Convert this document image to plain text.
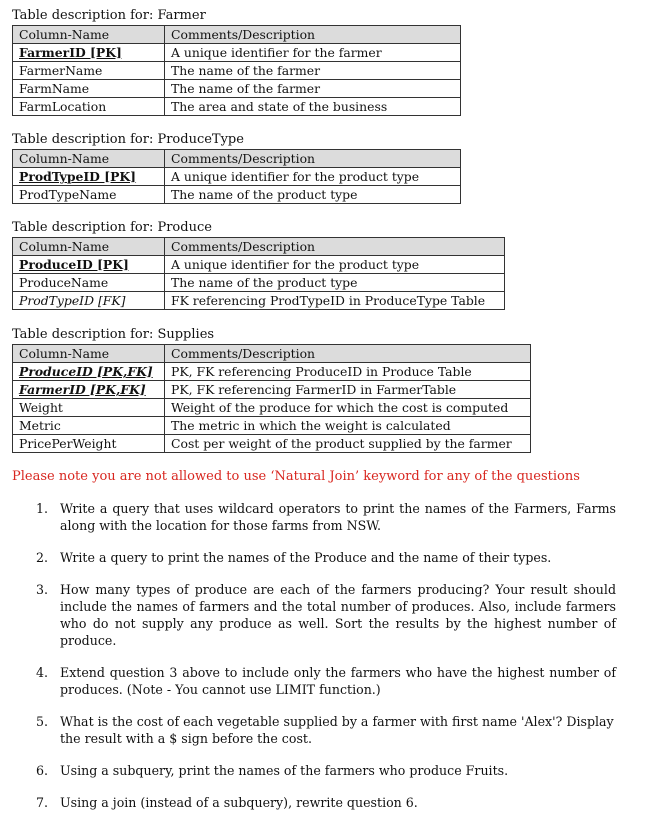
Table description for: Farmer
Column-Name	Comments/Description
FarmerID [PK]	A unique identifier for the farmer
FarmerName	The name of the farmer
FarmName	The name of the farmer
FarmLocation	The area and state of the business
Table description for: ProduceType
Column-Name	Comments/Description
ProdTypeID [PK]	A unique identifier for the product type
ProdTypeName	The name of the product type
Table description for: Produce
Column-Name	Comments/Description
ProduceID [PK]	A unique identifier for the product type
ProduceName	The name of the product type
ProdTypeID [FK]	FK referencing ProdTypeID in ProduceType Table
Table description for: Supplies
Column-Name	Comments/Description
ProduceID [PK,FK]	PK, FK referencing ProduceID in Produce Table
FarmerID [PK,FK]	PK, FK referencing FarmerID in FarmerTable
Weight	Weight of the produce for which the cost is computed
Metric	The metric in which the weight is calculated
PricePerWeight	Cost per weight of the product supplied by the farmer
Please note you are not allowed to use ‘Natural Join’ keyword for any of the questions
1. Write a query that uses wildcard operators to print the names of the Farmers, Farms along with the location for those farms from NSW.
2. Write a query to print the names of the Produce and the name of their types.
3. How many types of produce are each of the farmers producing? Your result should include the names of farmers and the total number of produces. Also, include farmers who do not supply any produce as well. Sort the results by the highest number of produce.
4. Extend question 3 above to include only the farmers who have the highest number of produces. (Note - You cannot use LIMIT function.)
5. What is the cost of each vegetable supplied by a farmer with first name 'Alex'? Display the result with a $ sign before the cost.
6. Using a subquery, print the names of the farmers who produce Fruits.
7. Using a join (instead of a subquery), rewrite question 6.
